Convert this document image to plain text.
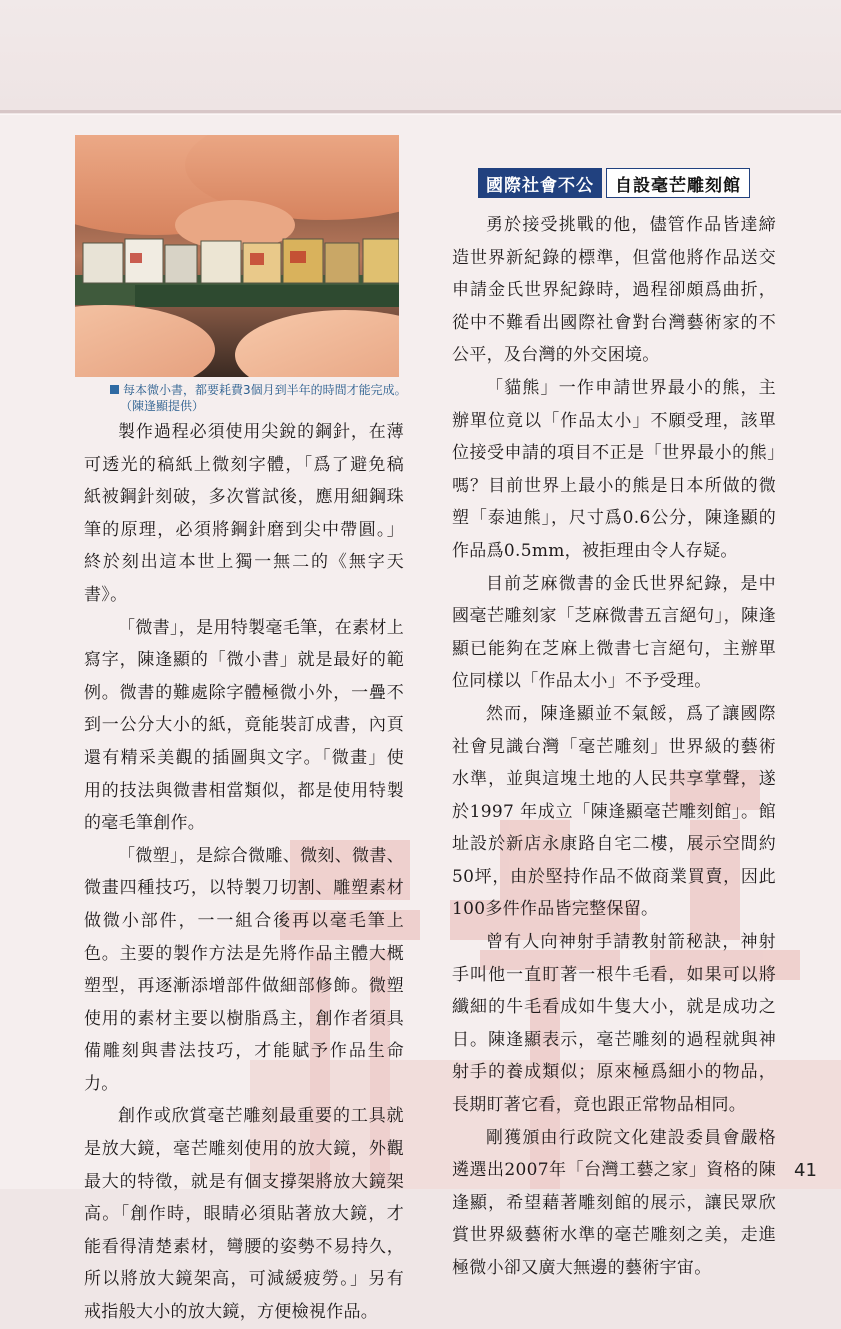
每本微小書，都要耗費3個月到半年的時間才能完成。
（陳逢顯提供）

製作過程必須使用尖銳的鋼針，在薄可透光的稿紙上微刻字體，「爲了避免稿紙被鋼針刻破，多次嘗試後，應用細鋼珠筆的原理，必須將鋼針磨到尖中帶圓。」終於刻出這本世上獨一無二的《無字天書》。

「微書」，是用特製毫毛筆，在素材上寫字，陳逢顯的「微小書」就是最好的範例。微書的難處除字體極微小外，一疊不到一公分大小的紙，竟能裝訂成書，內頁還有精采美觀的插圖與文字。「微畫」使用的技法與微書相當類似，都是使用特製的毫毛筆創作。

「微塑」，是綜合微雕、微刻、微書、微畫四種技巧，以特製刀切割、雕塑素材做微小部件，一一組合後再以毫毛筆上色。主要的製作方法是先將作品主體大概塑型，再逐漸添增部件做細部修飾。微塑使用的素材主要以樹脂爲主，創作者須具備雕刻與書法技巧，才能賦予作品生命力。

創作或欣賞毫芒雕刻最重要的工具就是放大鏡，毫芒雕刻使用的放大鏡，外觀最大的特徵，就是有個支撐架將放大鏡架高。「創作時，眼睛必須貼著放大鏡，才能看得清楚素材，彎腰的姿勢不易持久，所以將放大鏡架高，可減緩疲勞。」另有戒指般大小的放大鏡，方便檢視作品。

國際社會不公	自設毫芒雕刻館

勇於接受挑戰的他，儘管作品皆達締造世界新紀錄的標準，但當他將作品送交申請金氏世界紀錄時，過程卻頗爲曲折，從中不難看出國際社會對台灣藝術家的不公平，及台灣的外交困境。

「貓熊」一作申請世界最小的熊，主辦單位竟以「作品太小」不願受理，該單位接受申請的項目不正是「世界最小的熊」嗎？目前世界上最小的熊是日本所做的微塑「泰迪熊」，尺寸爲0.6公分，陳逢顯的作品爲0.5mm，被拒理由令人存疑。

目前芝麻微書的金氏世界紀錄，是中國毫芒雕刻家「芝麻微書五言絕句」，陳逢顯已能夠在芝麻上微書七言絕句，主辦單位同樣以「作品太小」不予受理。

然而，陳逢顯並不氣餒，爲了讓國際社會見識台灣「毫芒雕刻」世界級的藝術水準，並與這塊土地的人民共享掌聲，遂於1997 年成立「陳逢顯毫芒雕刻館」。館址設於新店永康路自宅二樓，展示空間約50坪，由於堅持作品不做商業買賣，因此100多件作品皆完整保留。

曾有人向神射手請教射箭秘訣，神射手叫他一直盯著一根牛毛看，如果可以將纖細的牛毛看成如牛隻大小，就是成功之日。陳逢顯表示，毫芒雕刻的過程就與神射手的養成類似；原來極爲細小的物品，長期盯著它看，竟也跟正常物品相同。

剛獲頒由行政院文化建設委員會嚴格遴選出2007年「台灣工藝之家」資格的陳逢顯，希望藉著雕刻館的展示，讓民眾欣賞世界級藝術水準的毫芒雕刻之美，走進極微小卻又廣大無邊的藝術宇宙。

41
